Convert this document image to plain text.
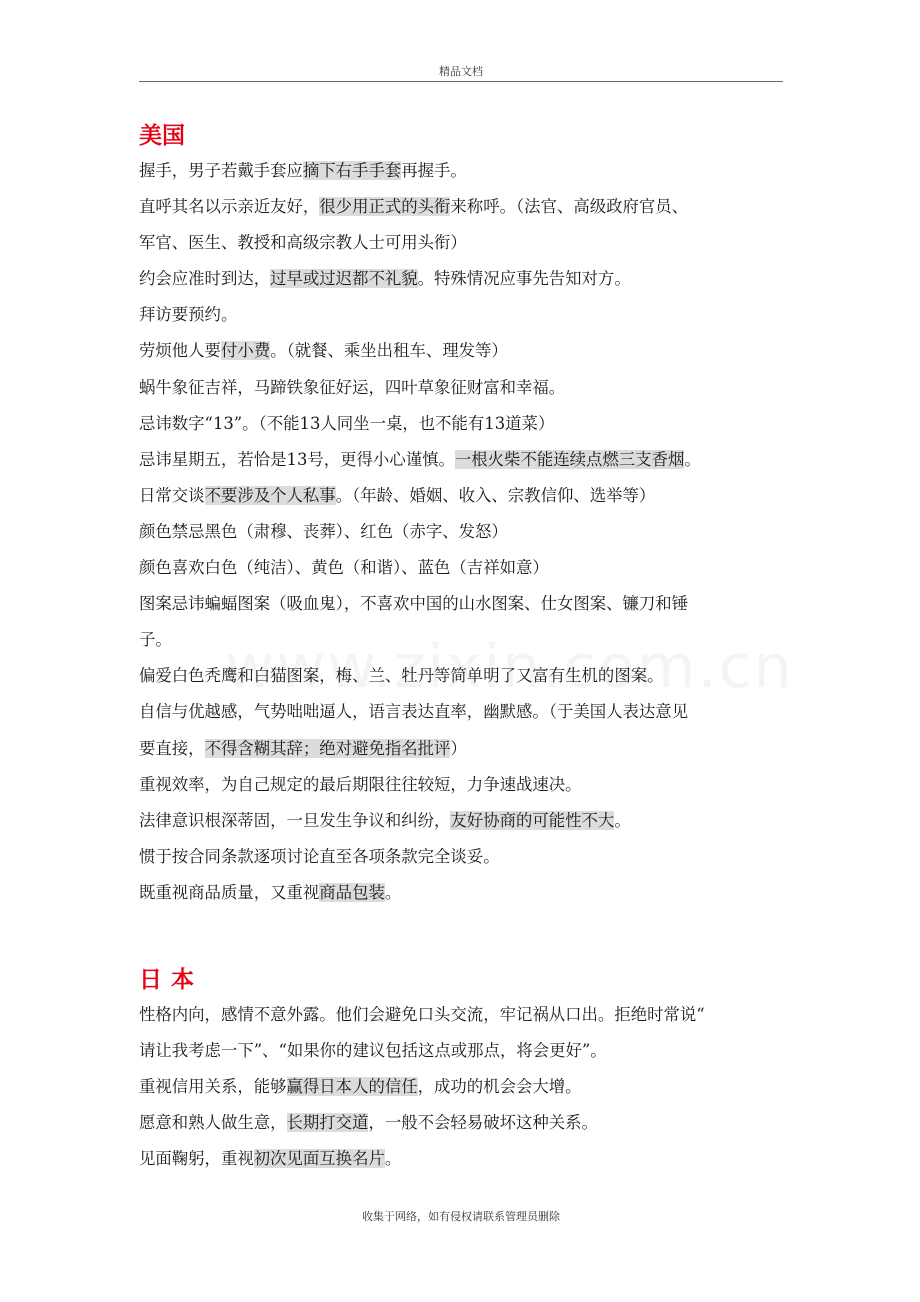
精品文档
美国
握手，男子若戴手套应摘下右手手套再握手。
直呼其名以示亲近友好，很少用正式的头衔来称呼。（法官、高级政府官员、
军官、医生、教授和高级宗教人士可用头衔）
约会应准时到达，过早或过迟都不礼貌。特殊情况应事先告知对方。
拜访要预约。
劳烦他人要付小费。（就餐、乘坐出租车、理发等）
蜗牛象征吉祥，马蹄铁象征好运，四叶草象征财富和幸福。
忌讳数字“13”。（不能13人同坐一桌，也不能有13道菜）
忌讳星期五，若恰是13号，更得小心谨慎。一根火柴不能连续点燃三支香烟。
日常交谈不要涉及个人私事。（年龄、婚姻、收入、宗教信仰、选举等）
颜色禁忌黑色（肃穆、丧葬）、红色（赤字、发怒）
颜色喜欢白色（纯洁）、黄色（和谐）、蓝色（吉祥如意）
图案忌讳蝙蝠图案（吸血鬼），不喜欢中国的山水图案、仕女图案、镰刀和锤
子。
偏爱白色秃鹰和白猫图案，梅、兰、牡丹等简单明了又富有生机的图案。
自信与优越感，气势咄咄逼人，语言表达直率，幽默感。（于美国人表达意见
要直接，不得含糊其辞；绝对避免指名批评）
重视效率，为自己规定的最后期限往往较短，力争速战速决。
法律意识根深蒂固，一旦发生争议和纠纷，友好协商的可能性不大。
惯于按合同条款逐项讨论直至各项条款完全谈妥。
既重视商品质量，又重视商品包装。
日本
性格内向，感情不意外露。他们会避免口头交流，牢记祸从口出。拒绝时常说“
请让我考虑一下”、“如果你的建议包括这点或那点，将会更好”。
重视信用关系，能够赢得日本人的信任，成功的机会会大增。
愿意和熟人做生意，长期打交道，一般不会轻易破坏这种关系。
见面鞠躬，重视初次见面互换名片。
收集于网络，如有侵权请联系管理员删除
